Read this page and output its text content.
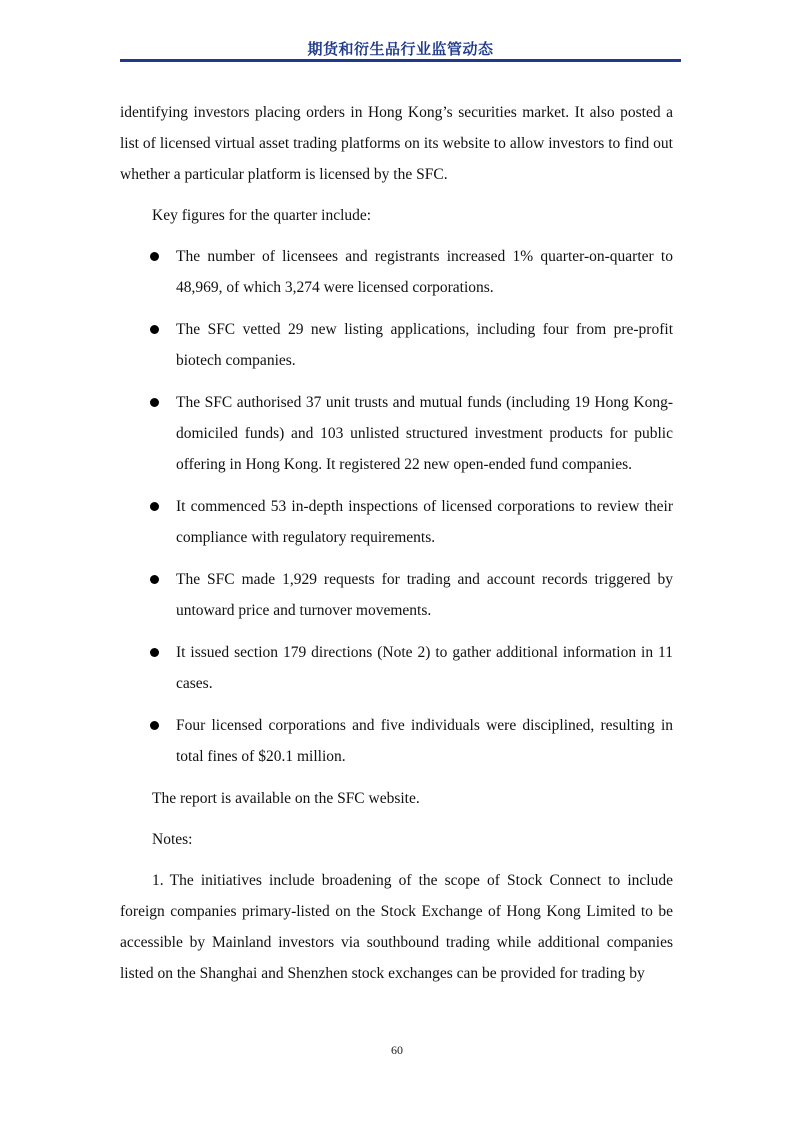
期货和衍生品行业监管动态

identifying investors placing orders in Hong Kong’s securities market. It also posted a list of licensed virtual asset trading platforms on its website to allow investors to find out whether a particular platform is licensed by the SFC.

Key figures for the quarter include:

The number of licensees and registrants increased 1% quarter-on-quarter to 48,969, of which 3,274 were licensed corporations.
The SFC vetted 29 new listing applications, including four from pre-profit biotech companies.
The SFC authorised 37 unit trusts and mutual funds (including 19 Hong Kong-domiciled funds) and 103 unlisted structured investment products for public offering in Hong Kong. It registered 22 new open-ended fund companies.
It commenced 53 in-depth inspections of licensed corporations to review their compliance with regulatory requirements.
The SFC made 1,929 requests for trading and account records triggered by untoward price and turnover movements.
It issued section 179 directions (Note 2) to gather additional information in 11 cases.
Four licensed corporations and five individuals were disciplined, resulting in total fines of $20.1 million.

The report is available on the SFC website.

Notes:

1. The initiatives include broadening of the scope of Stock Connect to include foreign companies primary-listed on the Stock Exchange of Hong Kong Limited to be accessible by Mainland investors via southbound trading while additional companies listed on the Shanghai and Shenzhen stock exchanges can be provided for trading by

60
